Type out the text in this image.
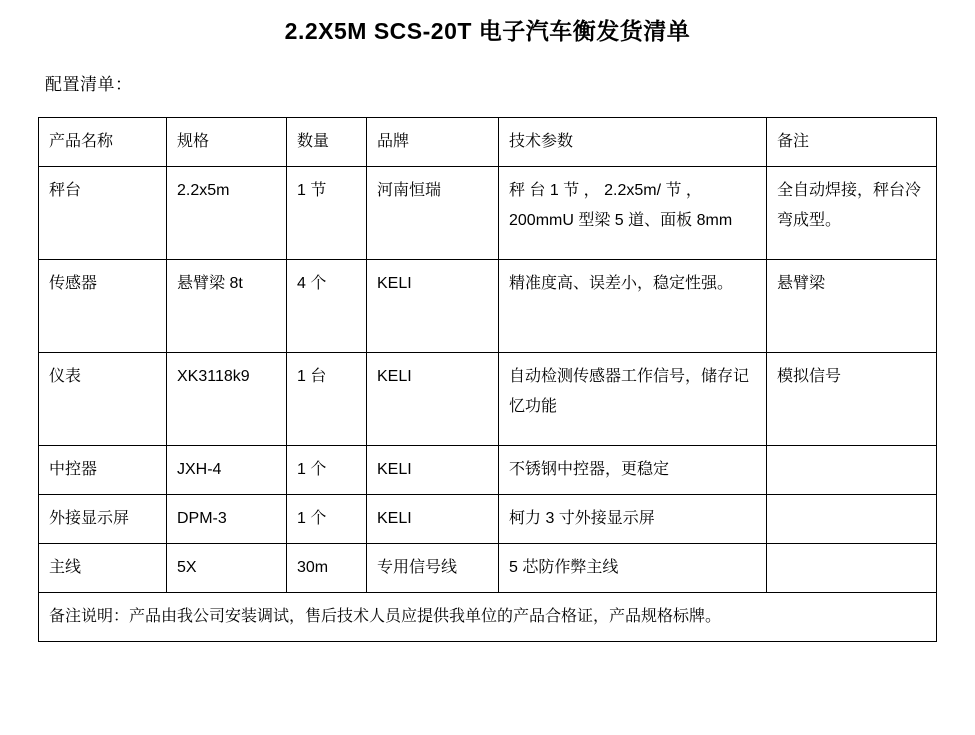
2.2X5M SCS-20T 电子汽车衡发货清单
配置清单：
产品名称	规格	数量	品牌	技术参数	备注
秤台	2.2x5m	1 节	河南恒瑞	秤 台 1 节 ， 2.2x5m/ 节 ，200mmU 型梁 5 道、面板 8mm	全自动焊接，秤台冷弯成型。
传感器	悬臂梁 8t	4 个	KELI	精准度高、误差小，稳定性强。	悬臂梁
仪表	XK3118k9	1 台	KELI	自动检测传感器工作信号，储存记忆功能	模拟信号
中控器	JXH-4	1 个	KELI	不锈钢中控器，更稳定	
外接显示屏	DPM-3	1 个	KELI	柯力 3 寸外接显示屏	
主线	5X	30m	专用信号线	5 芯防作弊主线	
备注说明：产品由我公司安装调试，售后技术人员应提供我单位的产品合格证，产品规格标牌。					
